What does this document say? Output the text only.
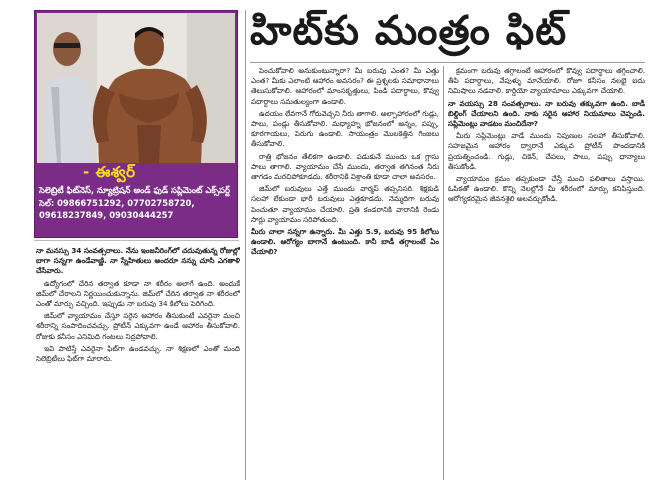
- ఈశ్వర్
సెలెబ్రిటీ ఫిట్‌నెస్, న్యూట్రిషన్ అండ్ ఫుడ్ సప్లిమెంట్ ఎక్స్‌పర్ట్
సెల్: 09866751292, 07702758720,
09618237849, 09030444257
హిట్‌కు మంత్రం ఫిట్

నా మనస్సు 34 సంవత్సరాలు. నేను ఇంజనీరింగ్‌లో చదువుతున్న రోజుల్లో బాగా సన్నగా ఉండేవాణ్ణి. నా స్నేహితులు అందరూ నన్ను చూసి ఎగతాళి చేసేవారు.

ఉద్యోగంలో చేరిన తర్వాత కూడా నా శరీరం అలాగే ఉంది. అందుకే జిమ్‌లో చేరాలని నిర్ణయించుకున్నాను. జిమ్‌లో చేరిన తర్వాత నా శరీరంలో ఎంతో మార్పు వచ్చింది. ఇప్పుడు నా బరువు 34 కిలోలు పెరిగింది.

జిమ్‌లో వ్యాయామం చేస్తూ సరైన ఆహారం తీసుకుంటే ఎవరైనా మంచి శరీరాన్ని సంపాదించవచ్చు. ప్రోటీన్ ఎక్కువగా ఉండే ఆహారం తీసుకోవాలి. రోజుకు కనీసం ఎనిమిది గంటలు నిద్రపోవాలి.

ఇవి పాటిస్తే ఎవరైనా ఫిట్‌గా ఉండవచ్చు. నా శిక్షణలో ఎంతో మంది సెలెబ్రిటీలు ఫిట్‌గా మారారు.

పెంచుకోవాలి అనుకుంటున్నారా? మీ బరువు ఎంత? మీ ఎత్తు ఎంత? మీకు ఎలాంటి ఆహారం అవసరం? ఈ ప్రశ్నలకు సమాధానాలు తెలుసుకోవాలి. ఆహారంలో మాంసకృత్తులు, పిండి పదార్థాలు, కొవ్వు పదార్థాలు సమతుల్యంగా ఉండాలి.

ఉదయం లేవగానే గోరువెచ్చని నీరు తాగాలి. అల్పాహారంలో గుడ్లు, పాలు, పండ్లు తీసుకోవాలి. మధ్యాహ్న భోజనంలో అన్నం, పప్పు, కూరగాయలు, పెరుగు ఉండాలి. సాయంత్రం మొలకెత్తిన గింజలు తీసుకోవాలి.

రాత్రి భోజనం తేలికగా ఉండాలి. పడుకునే ముందు ఒక గ్లాసు పాలు తాగాలి. వ్యాయామం చేసే ముందు, తర్వాత తగినంత నీరు తాగడం మరచిపోకూడదు. శరీరానికి విశ్రాంతి కూడా చాలా అవసరం.

జిమ్‌లో బరువులు ఎత్తే ముందు వార్మప్ తప్పనిసరి. శిక్షకుడి సలహా లేకుండా భారీ బరువులు ఎత్తకూడదు. నెమ్మదిగా బరువు పెంచుతూ వ్యాయామం చేయాలి. ప్రతి కండరానికి వారానికి రెండు సార్లు వ్యాయామం సరిపోతుంది.

మీరు చాలా సన్నగా ఉన్నారు. మీ ఎత్తు 5.9, బరువు 95 కిలోలు ఉండాలి. ఆరోగ్యం బాగానే ఉంటుంది. కానీ బాడీ తగ్గాలంటే ఏం చేయాలి?

క్రమంగా బరువు తగ్గాలంటే ఆహారంలో కొవ్వు పదార్థాలు తగ్గించాలి. తీపి పదార్థాలు, వేపుళ్ళు మానేయాలి. రోజూ కనీసం నలభై ఐదు నిమిషాలు నడవాలి. కార్డియో వ్యాయామాలు ఎక్కువగా చేయాలి.

నా వయస్సు 28 సంవత్సరాలు. నా బరువు తక్కువగా ఉంది. బాడీ బిల్డింగ్ చేయాలని ఉంది. నాకు సరైన ఆహార నియమాలు చెప్పండి. సప్లిమెంట్లు వాడటం మంచిదేనా?

మీరు సప్లిమెంట్లు వాడే ముందు నిపుణుల సలహా తీసుకోవాలి. సహజమైన ఆహారం ద్వారానే ఎక్కువ ప్రోటీన్ పొందడానికి ప్రయత్నించండి. గుడ్లు, చికెన్, చేపలు, పాలు, పప్పు ధాన్యాలు తీసుకోండి.

వ్యాయామం క్రమం తప్పకుండా చేస్తే మంచి ఫలితాలు వస్తాయి. ఓపికతో ఉండాలి. కొన్ని నెలల్లోనే మీ శరీరంలో మార్పు కనిపిస్తుంది. ఆరోగ్యకరమైన జీవనశైలి అలవర్చుకోండి.
